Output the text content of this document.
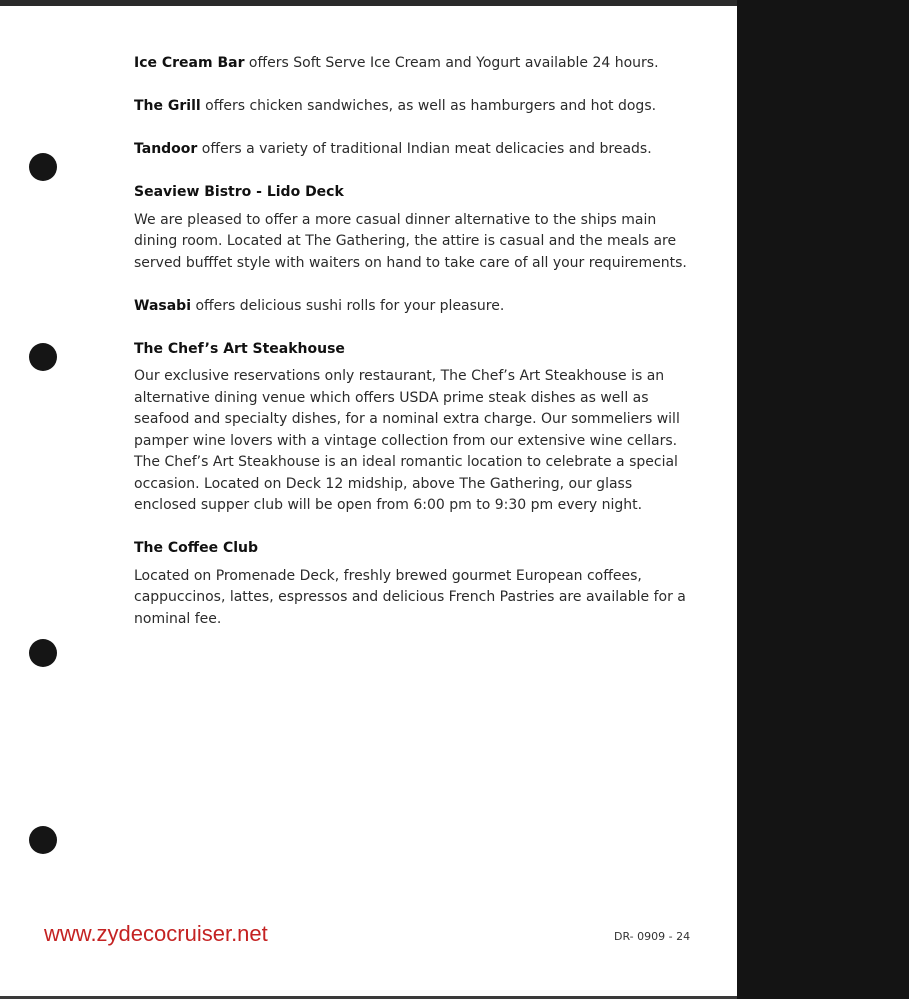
Ice Cream Bar offers Soft Serve Ice Cream and Yogurt available 24 hours.

The Grill offers chicken sandwiches, as well as hamburgers and hot dogs.

Tandoor offers a variety of traditional Indian meat delicacies and breads.

Seaview Bistro - Lido Deck

We are pleased to offer a more casual dinner alternative to the ships main dining room. Located at The Gathering, the attire is casual and the meals are served bufffet style with waiters on hand to take care of all your requirements.

Wasabi offers delicious sushi rolls for your pleasure.

The Chef’s Art Steakhouse

Our exclusive reservations only restaurant, The Chef’s Art Steakhouse is an alternative dining venue which offers USDA prime steak dishes as well as seafood and specialty dishes, for a nominal extra charge. Our sommeliers will pamper wine lovers with a vintage collection from our extensive wine cellars. The Chef’s Art Steakhouse is an ideal romantic location to celebrate a special occasion. Located on Deck 12 midship, above The Gathering, our glass enclosed supper club will be open from 6:00 pm to 9:30 pm every night.

The Coffee Club

Located on Promenade Deck, freshly brewed gourmet European coffees, cappuccinos, lattes, espressos and delicious French Pastries are available for a nominal fee.

www.zydecocruiser.net	DR- 0909 - 24
